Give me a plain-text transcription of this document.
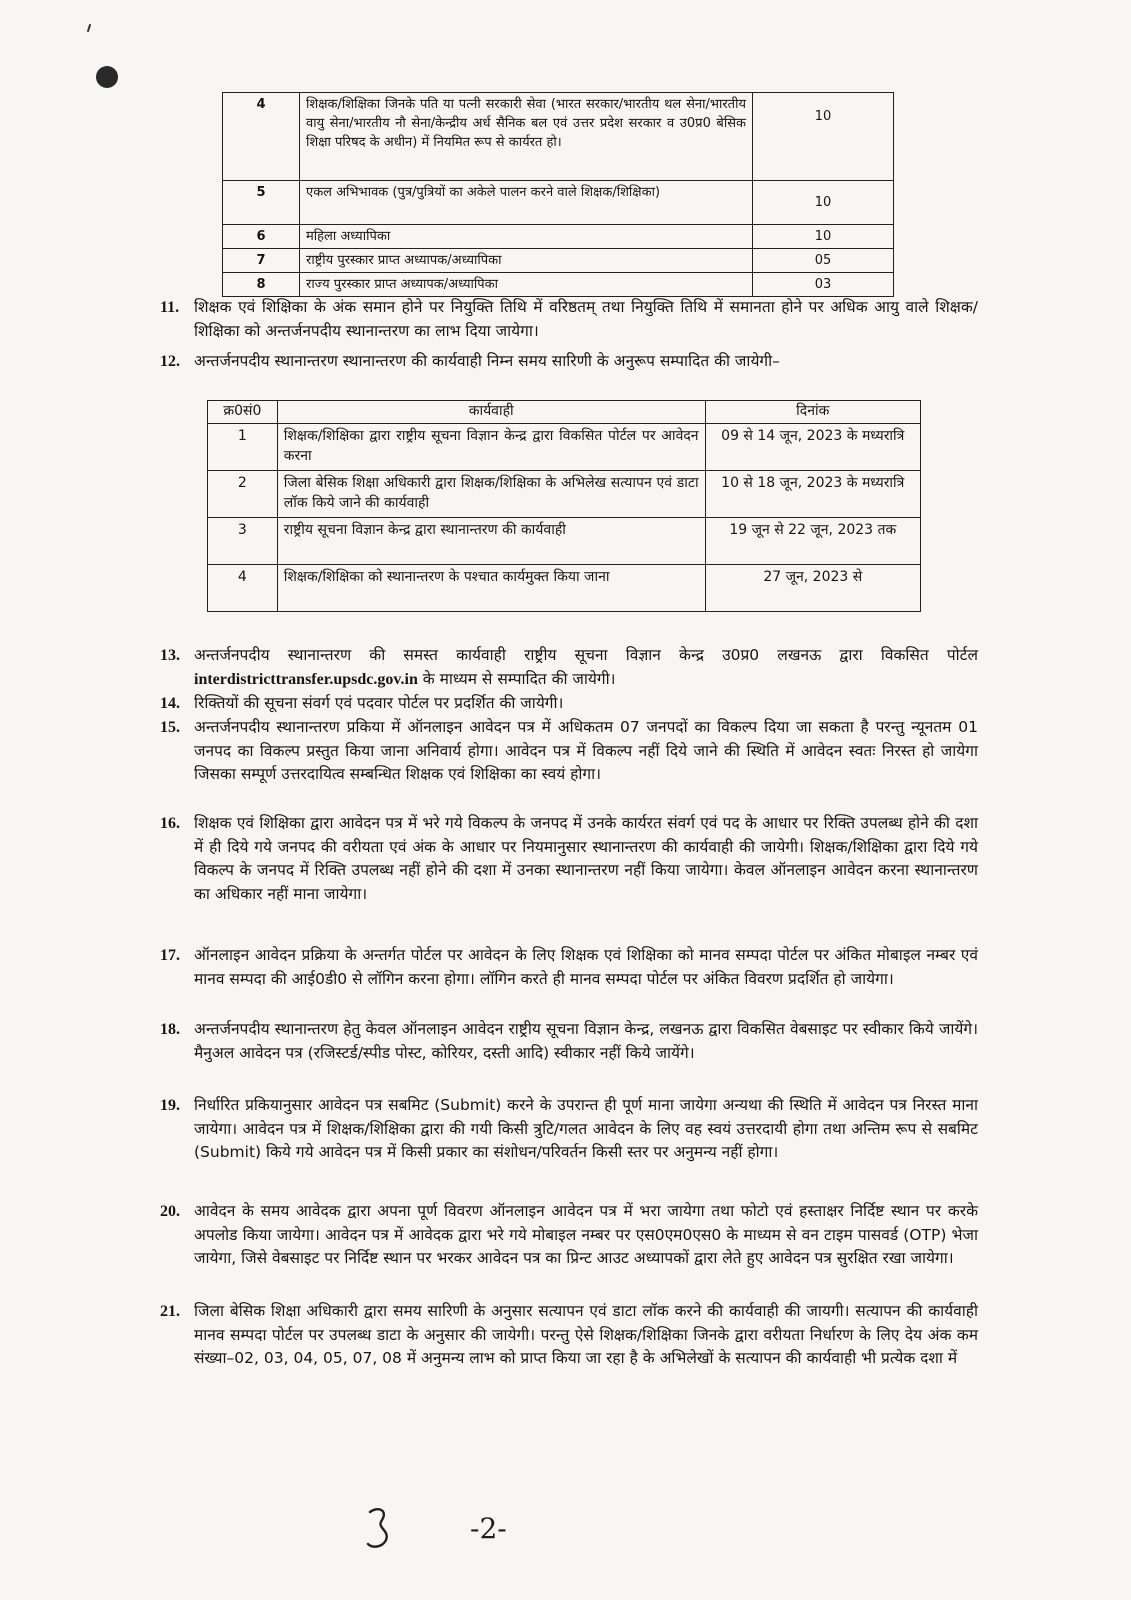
4	शिक्षक/शिक्षिका जिनके पति या पत्नी सरकारी सेवा (भारत सरकार/भारतीय थल सेना/भारतीय वायु सेना/भारतीय नौ सेना/केन्द्रीय अर्ध सैनिक बल एवं उत्तर प्रदेश सरकार व उ0प्र0 बेसिक शिक्षा परिषद के अधीन) में नियमित रूप से कार्यरत हो।	10
5	एकल अभिभावक (पुत्र/पुत्रियों का अकेले पालन करने वाले शिक्षक/शिक्षिका)	10
6	महिला अध्यापिका	10
7	राष्ट्रीय पुरस्कार प्राप्त अध्यापक/अध्यापिका	05
8	राज्य पुरस्कार प्राप्त अध्यापक/अध्यापिका	03
11. शिक्षक एवं शिक्षिका के अंक समान होने पर नियुक्ति तिथि में वरिष्ठतम् तथा नियुक्ति तिथि में समानता होने पर अधिक आयु वाले शिक्षक/शिक्षिका को अन्तर्जनपदीय स्थानान्तरण का लाभ दिया जायेगा।
12. अन्तर्जनपदीय स्थानान्तरण स्थानान्तरण की कार्यवाही निम्न समय सारिणी के अनुरूप सम्पादित की जायेगी–
क्र0सं0	कार्यवाही	दिनांक
1	शिक्षक/शिक्षिका द्वारा राष्ट्रीय सूचना विज्ञान केन्द्र द्वारा विकसित पोर्टल पर आवेदन करना	09 से 14 जून, 2023 के मध्यरात्रि
2	जिला बेसिक शिक्षा अधिकारी द्वारा शिक्षक/शिक्षिका के अभिलेख सत्यापन एवं डाटा लॉक किये जाने की कार्यवाही	10 से 18 जून, 2023 के मध्यरात्रि
3	राष्ट्रीय सूचना विज्ञान केन्द्र द्वारा स्थानान्तरण की कार्यवाही	19 जून से 22 जून, 2023 तक
4	शिक्षक/शिक्षिका को स्थानान्तरण के पश्चात कार्यमुक्त किया जाना	27 जून, 2023 से
13. अन्तर्जनपदीय स्थानान्तरण की समस्त कार्यवाही राष्ट्रीय सूचना विज्ञान केन्द्र उ0प्र0 लखनऊ द्वारा विकसित पोर्टल interdistricttransfer.upsdc.gov.in के माध्यम से सम्पादित की जायेगी।
14. रिक्तियों की सूचना संवर्ग एवं पदवार पोर्टल पर प्रदर्शित की जायेगी।
15. अन्तर्जनपदीय स्थानान्तरण प्रकिया में ऑनलाइन आवेदन पत्र में अधिकतम 07 जनपदों का विकल्प दिया जा सकता है परन्तु न्यूनतम 01 जनपद का विकल्प प्रस्तुत किया जाना अनिवार्य होगा। आवेदन पत्र में विकल्प नहीं दिये जाने की स्थिति में आवेदन स्वतः निरस्त हो जायेगा जिसका सम्पूर्ण उत्तरदायित्व सम्बन्धित शिक्षक एवं शिक्षिका का स्वयं होगा।
16. शिक्षक एवं शिक्षिका द्वारा आवेदन पत्र में भरे गये विकल्प के जनपद में उनके कार्यरत संवर्ग एवं पद के आधार पर रिक्ति उपलब्ध होने की दशा में ही दिये गये जनपद की वरीयता एवं अंक के आधार पर नियमानुसार स्थानान्तरण की कार्यवाही की जायेगी। शिक्षक/शिक्षिका द्वारा दिये गये विकल्प के जनपद में रिक्ति उपलब्ध नहीं होने की दशा में उनका स्थानान्तरण नहीं किया जायेगा। केवल ऑनलाइन आवेदन करना स्थानान्तरण का अधिकार नहीं माना जायेगा।
17. ऑनलाइन आवेदन प्रक्रिया के अन्तर्गत पोर्टल पर आवेदन के लिए शिक्षक एवं शिक्षिका को मानव सम्पदा पोर्टल पर अंकित मोबाइल नम्बर एवं मानव सम्पदा की आई0डी0 से लॉगिन करना होगा। लॉगिन करते ही मानव सम्पदा पोर्टल पर अंकित विवरण प्रदर्शित हो जायेगा।
18. अन्तर्जनपदीय स्थानान्तरण हेतु केवल ऑनलाइन आवेदन राष्ट्रीय सूचना विज्ञान केन्द्र, लखनऊ द्वारा विकसित वेबसाइट पर स्वीकार किये जायेंगे। मैनुअल आवेदन पत्र (रजिस्टर्ड/स्पीड पोस्ट, कोरियर, दस्ती आदि) स्वीकार नहीं किये जायेंगे।
19. निर्धारित प्रकियानुसार आवेदन पत्र सबमिट (Submit) करने के उपरान्त ही पूर्ण माना जायेगा अन्यथा की स्थिति में आवेदन पत्र निरस्त माना जायेगा। आवेदन पत्र में शिक्षक/शिक्षिका द्वारा की गयी किसी त्रुटि/गलत आवेदन के लिए वह स्वयं उत्तरदायी होगा तथा अन्तिम रूप से सबमिट (Submit) किये गये आवेदन पत्र में किसी प्रकार का संशोधन/परिवर्तन किसी स्तर पर अनुमन्य नहीं होगा।
20. आवेदन के समय आवेदक द्वारा अपना पूर्ण विवरण ऑनलाइन आवेदन पत्र में भरा जायेगा तथा फोटो एवं हस्ताक्षर निर्दिष्ट स्थान पर करके अपलोड किया जायेगा। आवेदन पत्र में आवेदक द्वारा भरे गये मोबाइल नम्बर पर एस0एम0एस0 के माध्यम से वन टाइम पासवर्ड (OTP) भेजा जायेगा, जिसे वेबसाइट पर निर्दिष्ट स्थान पर भरकर आवेदन पत्र का प्रिन्ट आउट अध्यापकों द्वारा लेते हुए आवेदन पत्र सुरक्षित रखा जायेगा।
21. जिला बेसिक शिक्षा अधिकारी द्वारा समय सारिणी के अनुसार सत्यापन एवं डाटा लॉक करने की कार्यवाही की जायगी। सत्यापन की कार्यवाही मानव सम्पदा पोर्टल पर उपलब्ध डाटा के अनुसार की जायेगी। परन्तु ऐसे शिक्षक/शिक्षिका जिनके द्वारा वरीयता निर्धारण के लिए देय अंक कम संख्या–02, 03, 04, 05, 07, 08 में अनुमन्य लाभ को प्राप्त किया जा रहा है के अभिलेखों के सत्यापन की कार्यवाही भी प्रत्येक दशा में
-2-
